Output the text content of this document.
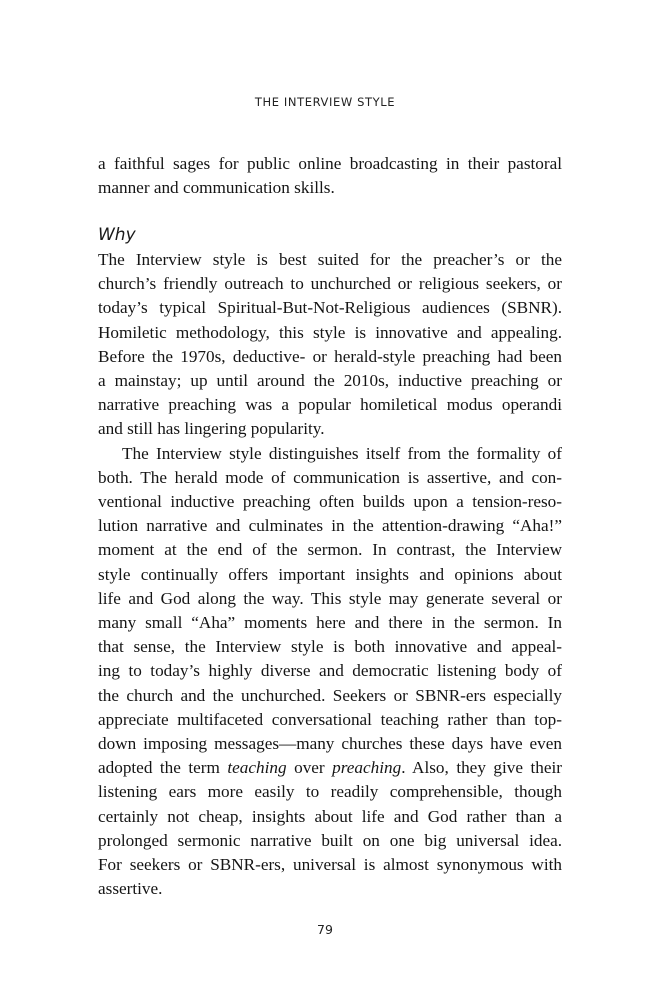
THE INTERVIEW STYLE
a faithful sages for public online broadcasting in their pastoral
manner and communication skills.
Why
The Interview style is best suited for the preacher’s or the
church’s friendly outreach to unchurched or religious seekers, or
today’s typical Spiritual-But-Not-Religious audiences (SBNR).
Homiletic methodology, this style is innovative and appealing.
Before the 1970s, deductive- or herald-style preaching had been
a mainstay; up until around the 2010s, inductive preaching or
narrative preaching was a popular homiletical modus operandi
and still has lingering popularity.
The Interview style distinguishes itself from the formality of
both. The herald mode of communication is assertive, and con-
ventional inductive preaching often builds upon a tension-reso-
lution narrative and culminates in the attention-drawing “Aha!”
moment at the end of the sermon. In contrast, the Interview
style continually offers important insights and opinions about
life and God along the way. This style may generate several or
many small “Aha” moments here and there in the sermon. In
that sense, the Interview style is both innovative and appeal-
ing to today’s highly diverse and democratic listening body of
the church and the unchurched. Seekers or SBNR-ers especially
appreciate multifaceted conversational teaching rather than top-
down imposing messages—many churches these days have even
adopted the term teaching over preaching. Also, they give their
listening ears more easily to readily comprehensible, though
certainly not cheap, insights about life and God rather than a
prolonged sermonic narrative built on one big universal idea.
For seekers or SBNR-ers, universal is almost synonymous with
assertive.
79
